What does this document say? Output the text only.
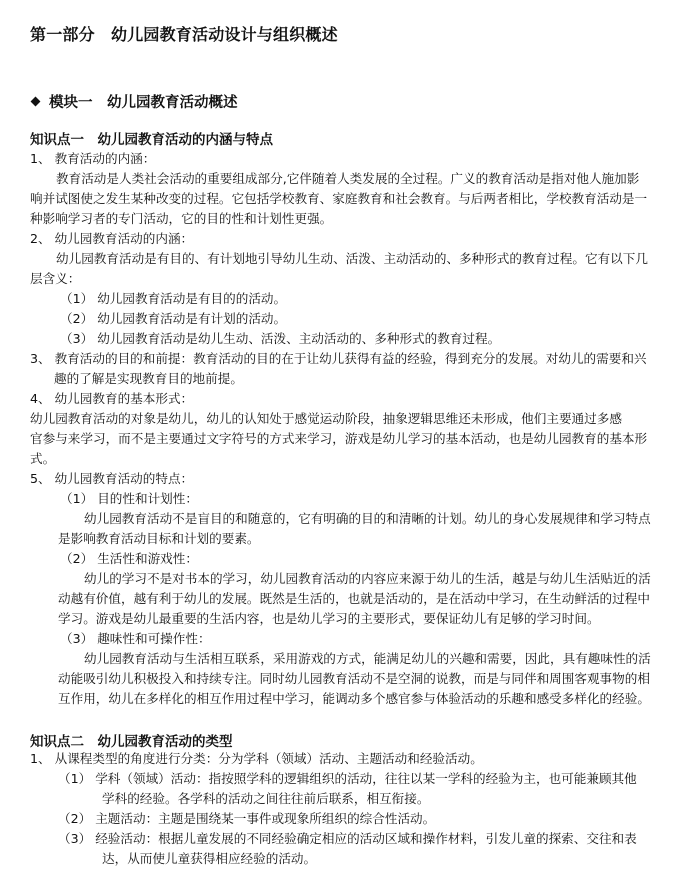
第一部分　幼儿园教育活动设计与组织概述
模块一　幼儿园教育活动概述
知识点一　幼儿园教育活动的内涵与特点
1、 教育活动的内涵：
教育活动是人类社会活动的重要组成部分,它伴随着人类发展的全过程。广义的教育活动是指对他人施加影
响并试图使之发生某种改变的过程。它包括学校教育、家庭教育和社会教育。与后两者相比，学校教育活动是一
种影响学习者的专门活动，它的目的性和计划性更强。
2、 幼儿园教育活动的内涵：
幼儿园教育活动是有目的、有计划地引导幼儿生动、活泼、主动活动的、多种形式的教育过程。它有以下几
层含义：
（1） 幼儿园教育活动是有目的的活动。
（2） 幼儿园教育活动是有计划的活动。
（3） 幼儿园教育活动是幼儿生动、活泼、主动活动的、多种形式的教育过程。
3、 教育活动的目的和前提：教育活动的目的在于让幼儿获得有益的经验，得到充分的发展。对幼儿的需要和兴
趣的了解是实现教育目的地前提。
4、 幼儿园教育的基本形式：
幼儿园教育活动的对象是幼儿，幼儿的认知处于感觉运动阶段，抽象逻辑思维还未形成，他们主要通过多感
官参与来学习，而不是主要通过文字符号的方式来学习，游戏是幼儿学习的基本活动，也是幼儿园教育的基本形
式。
5、 幼儿园教育活动的特点：
（1） 目的性和计划性：
幼儿园教育活动不是盲目的和随意的，它有明确的目的和清晰的计划。幼儿的身心发展规律和学习特点
是影响教育活动目标和计划的要素。
（2） 生活性和游戏性：
幼儿的学习不是对书本的学习，幼儿园教育活动的内容应来源于幼儿的生活，越是与幼儿生活贴近的活
动越有价值，越有利于幼儿的发展。既然是生活的，也就是活动的，是在活动中学习，在生动鲜活的过程中
学习。游戏是幼儿最重要的生活内容，也是幼儿学习的主要形式，要保证幼儿有足够的学习时间。
（3） 趣味性和可操作性：
幼儿园教育活动与生活相互联系，采用游戏的方式，能满足幼儿的兴趣和需要，因此，具有趣味性的活
动能吸引幼儿积极投入和持续专注。同时幼儿园教育活动不是空洞的说教，而是与同伴和周围客观事物的相
互作用，幼儿在多样化的相互作用过程中学习，能调动多个感官参与体验活动的乐趣和感受多样化的经验。
知识点二　幼儿园教育活动的类型
1、 从课程类型的角度进行分类：分为学科（领域）活动、主题活动和经验活动。
（1） 学科（领域）活动：指按照学科的逻辑组织的活动，往往以某一学科的经验为主，也可能兼顾其他
学科的经验。各学科的活动之间往往前后联系，相互衔接。
（2） 主题活动：主题是围绕某一事件或现象所组织的综合性活动。
（3） 经验活动：根据儿童发展的不同经验确定相应的活动区域和操作材料，引发儿童的探索、交往和表
达，从而使儿童获得相应经验的活动。
